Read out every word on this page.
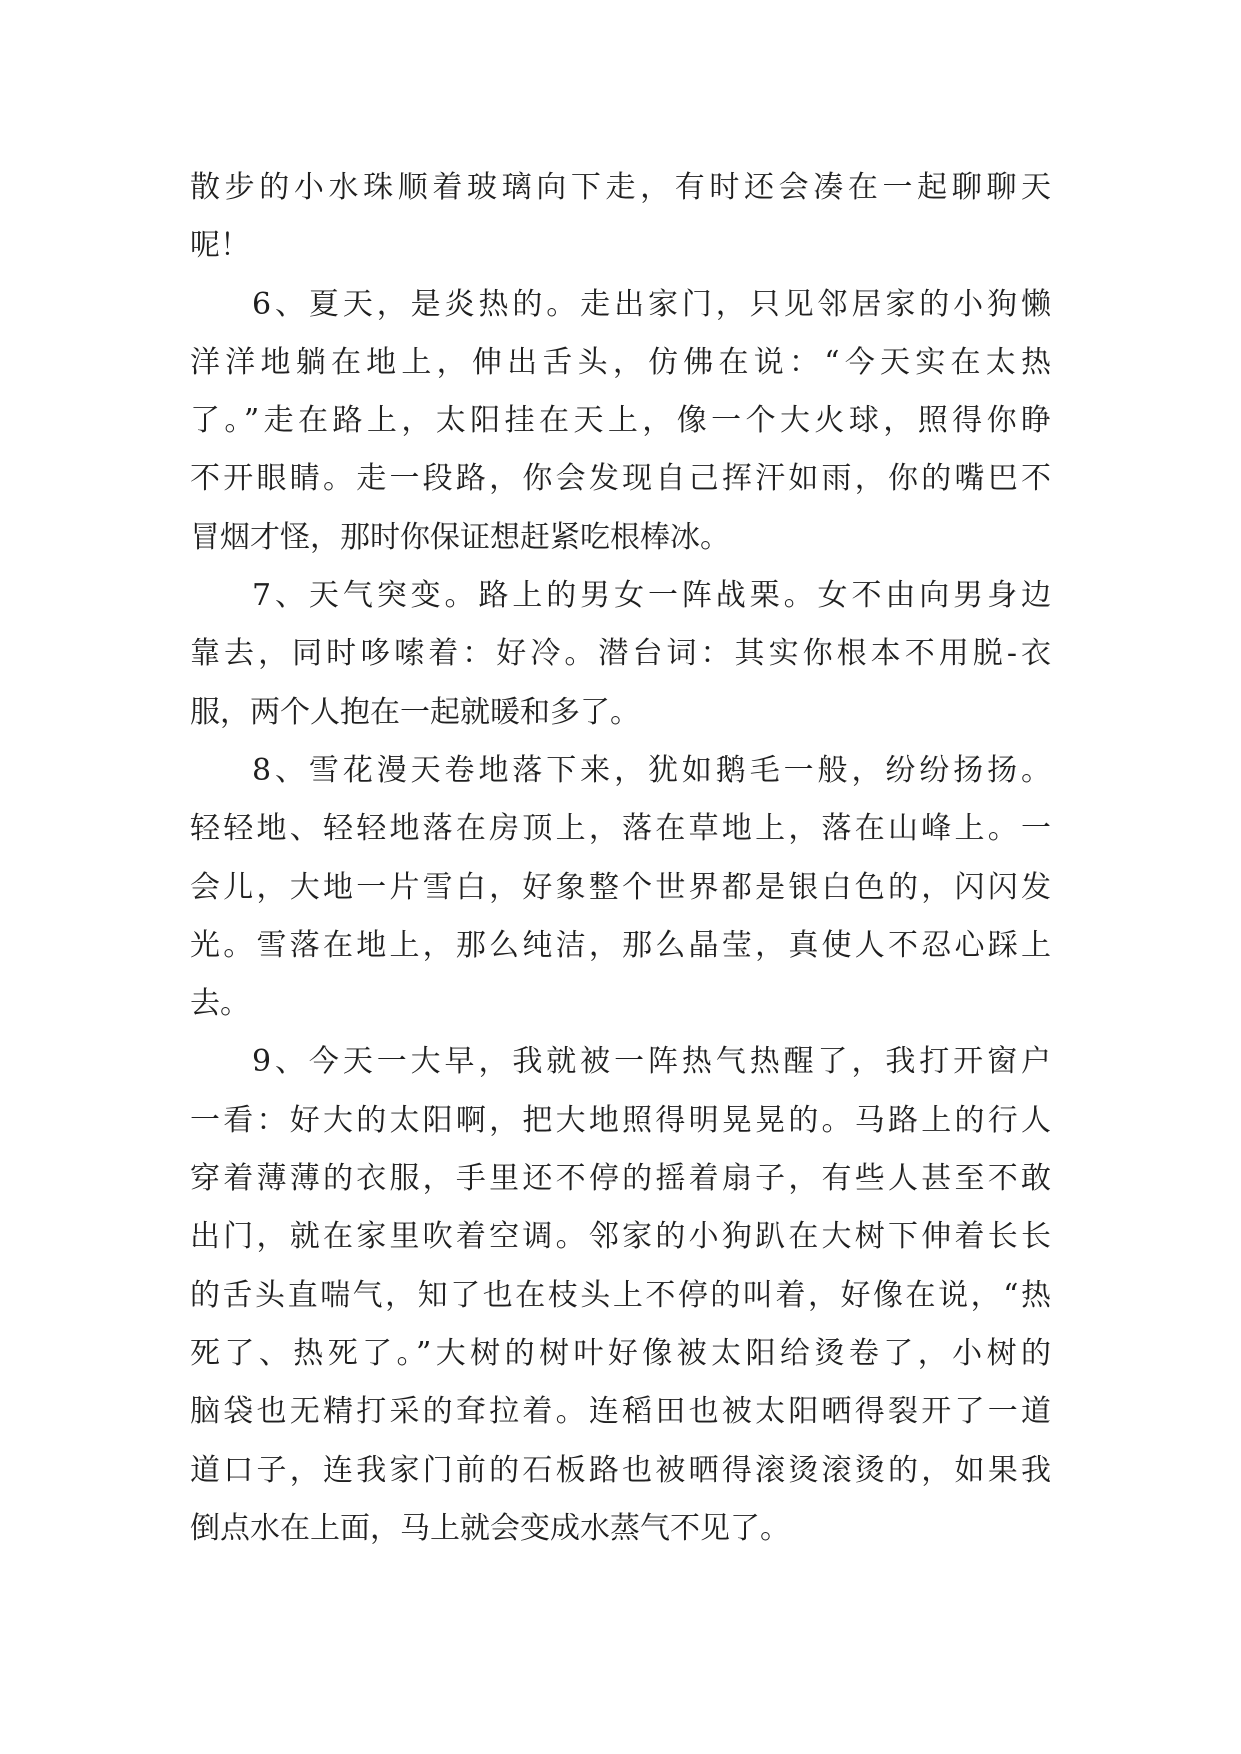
散步的小水珠顺着玻璃向下走，有时还会凑在一起聊聊天
呢！
6、夏天，是炎热的。走出家门，只见邻居家的小狗懒
洋洋地躺在地上，伸出舌头，仿佛在说：“今天实在太热
了。”走在路上，太阳挂在天上，像一个大火球，照得你睁
不开眼睛。走一段路，你会发现自己挥汗如雨，你的嘴巴不
冒烟才怪，那时你保证想赶紧吃根棒冰。
7、天气突变。路上的男女一阵战栗。女不由向男身边
靠去，同时哆嗦着：好冷。潜台词：其实你根本不用脱-衣
服，两个人抱在一起就暖和多了。
8、雪花漫天卷地落下来，犹如鹅毛一般，纷纷扬扬。
轻轻地、轻轻地落在房顶上，落在草地上，落在山峰上。一
会儿，大地一片雪白，好象整个世界都是银白色的，闪闪发
光。雪落在地上，那么纯洁，那么晶莹，真使人不忍心踩上
去。
9、今天一大早，我就被一阵热气热醒了，我打开窗户
一看：好大的太阳啊，把大地照得明晃晃的。马路上的行人
穿着薄薄的衣服，手里还不停的摇着扇子，有些人甚至不敢
出门，就在家里吹着空调。邻家的小狗趴在大树下伸着长长
的舌头直喘气，知了也在枝头上不停的叫着，好像在说，“热
死了、热死了。”大树的树叶好像被太阳给烫卷了，小树的
脑袋也无精打采的耷拉着。连稻田也被太阳晒得裂开了一道
道口子，连我家门前的石板路也被晒得滚烫滚烫的，如果我
倒点水在上面，马上就会变成水蒸气不见了。
